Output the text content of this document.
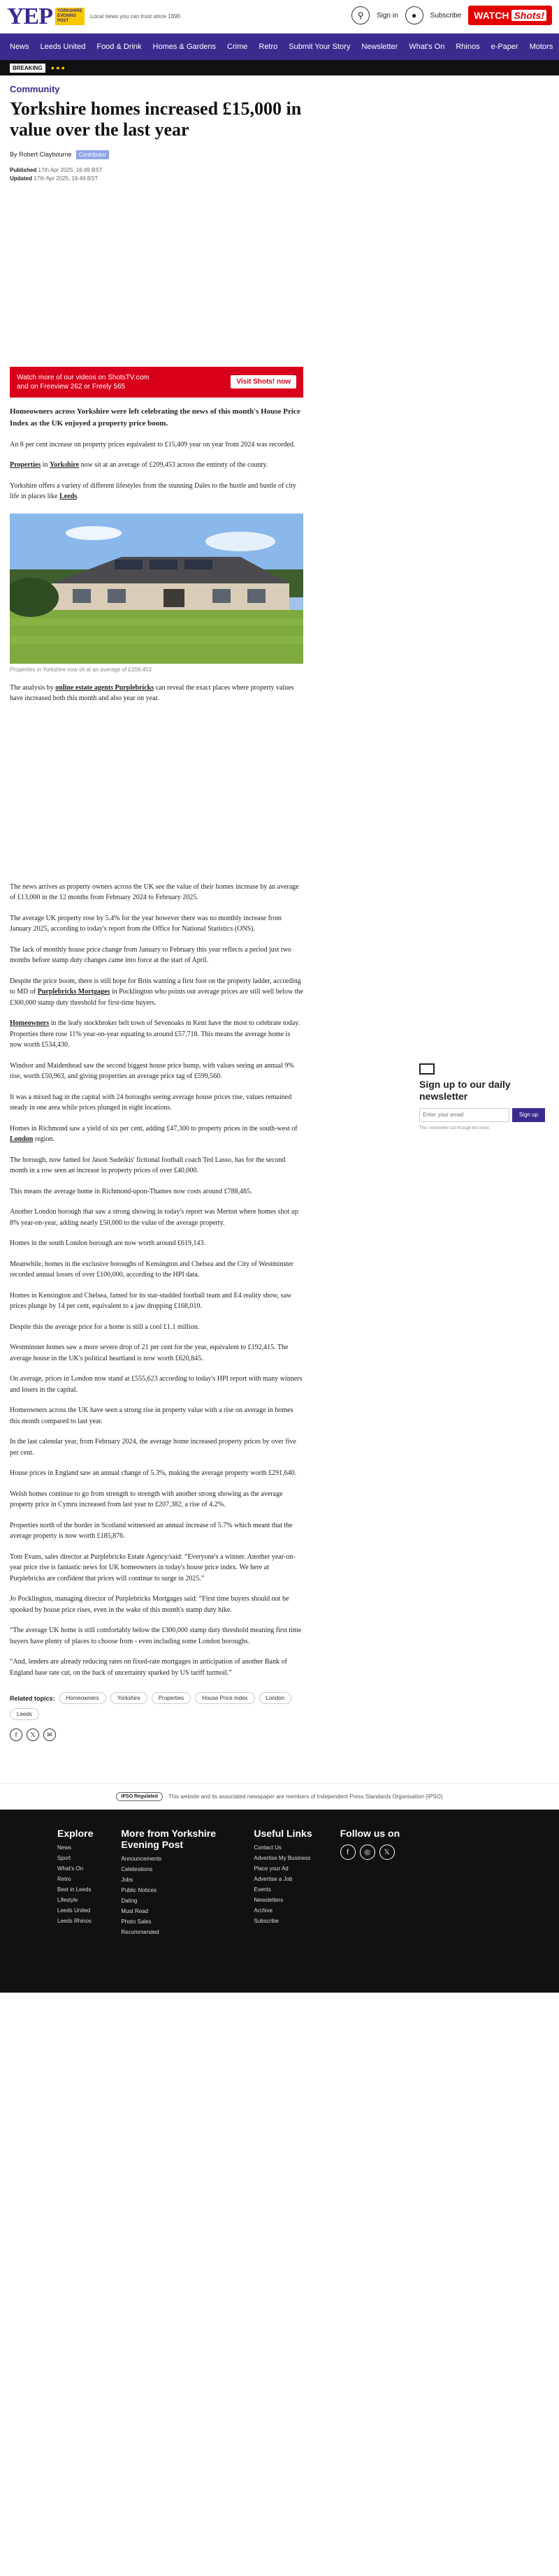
YEP	YORKSHIRE EVENING POST
Local news you can trust since 1890	⚲	Sign in	●	Subscribe WATCH Shots!
News	Leeds United	Food & Drink	Homes & Gardens	Crime	Retro	Submit Your Story	Newsletter	What's On	Rhinos	e-Paper	Motors
BREAKING	●●●
Community
Yorkshire homes increased £15,000 in value over the last year
By Robert Claybourne	Contributor
Published 17th Apr 2025, 16:49 BST
Updated 17th Apr 2025, 16:49 BST
Watch more of our videos on ShotsTV.com
and on Freeview 262 or Freely 565
Visit Shots! now

Homeowners across Yorkshire were left celebrating the news of this month's House Price Index as the UK enjoyed a property price boom.

An 8 per cent increase on property prices equivalent to £15,409 year on year from 2024 was recorded.

Properties in Yorkshire now sit at an average of £209,453 across the entirety of the county.

Yorkshire offers a variety of different lifestyles from the stunning Dales to the hustle and bustle of city life in places like Leeds.

Properties in Yorkshire now sit at an average of £209,453

The analysis by online estate agents Purplebricks can reveal the exact places where property values have increased both this month and also year on year.

The news arrives as property owners across the UK see the value of their homes increase by an average of £13,000 in the 12 months from February 2024 to February 2025.

The average UK property rose by 5.4% for the year however there was no monthly increase from January 2025, according to today's report from the Office for National Statistics (ONS).

The lack of monthly house price change from January to February this year reflects a period just two months before stamp duty changes came into force at the start of April.

Despite the price boom, there is still hope for Brits wanting a first foot on the property ladder, according to MD of Purplebricks Mortgages in Pocklington who points out average prices are still well below the £300,000 stamp duty threshold for first-time buyers.

Homeowners in the leafy stockbroker belt town of Sevenoaks in Kent have the most to celebrate today. Properties there rose 11% year-on-year equating to around £57,718. This means the average home is now worth £534,430.

Windsor and Maidenhead saw the second biggest house price bump, with values seeing an annual 9% rise, worth £50,963, and giving properties an average price tag of £599,560.

It was a mixed bag in the capital with 24 boroughs seeing average house prices rise, values remained steady in one area while prices plunged in eight locations.

Homes in Richmond saw a yield of six per cent, adding £47,300 to property prices in the south-west of London region.

The borough, now famed for Jason Sudeikis' fictional football coach Ted Lasso, has for the second month in a row seen an increase in property prices of over £40,000.

This means the average home in Richmond-upon-Thames now costs around £788,485.

Another London borough that saw a strong showing in today's report was Merton where homes shot up 8% year-on-year, adding nearly £50,000 to the value of the average property.

Homes in the south London borough are now worth around £619,143.

Meanwhile, homes in the exclusive boroughs of Kensington and Chelsea and the City of Westminster recorded annual losses of over £100,000, according to the HPI data.

Homes in Kensington and Chelsea, famed for its star-studded football team and E4 reality show, saw prices plunge by 14 per cent, equivalent to a jaw dropping £168,010.

Despite this the average price for a home is still a cool £1.1 million.

Westminster homes saw a more severe drop of 21 per cent for the year, equivalent to £192,415. The average house in the UK's political heartland is now worth £620,845.

On average, prices in London now stand at £555,623 according to today's HPI report with many winners and losers in the capital.

Homeowners across the UK have seen a strong rise in property value with a rise on average in homes this month compared to last year.

In the last calendar year, from February 2024, the average home increased property prices by over five per cent.

House prices in England saw an annual change of 5.3%, making the average property worth £291,640.

Welsh homes continue to go from strength to strength with another strong showing as the average property price in Cymru increased from last year to £207,382, a rise of 4.2%.

Properties north of the border in Scotland witnessed an annual increase of 5.7% which meant that the average property is now worth £185,876.

Tom Evans, sales director at Purplebricks Estate Agency/said: “Everyone's a winner. Another year-on-year price rise is fantastic news for UK homeowners in today's house price index. We here at Purplebricks are confident that prices will continue to surge in 2025.”

Jo Pocklington, managing director of Purplebricks Mortgages said: “First time buyers should not be spooked by house price rises, even in the wake of this month's stamp duty hike.

“The average UK home is still comfortably below the £300,000 stamp duty threshold meaning first time buyers have plenty of places to choose from - even including some London boroughs.

“And, lenders are already reducing rates on fixed-rate mortgages in anticipation of another Bank of England base rate cut, on the back of uncertainty sparked by US tariff turmoil.”

Related topics:	Homeowners	Yorkshire	Properties	House Price Index	London
Leeds
f	𝕏	✉
Sign up to our daily newsletter
Enter your email
Sign up
The i newsletter cut through the noise
IPSO Regulated	This website and its associated newspaper are members of Independent Press Standards Organisation (IPSO)
Explore
News
Sport
What's On
Retro
Best in Leeds
Lifestyle
Leeds United
Leeds Rhinos
More from Yorkshire Evening Post
Announcements
Celebrations
Jobs
Public Notices
Dating
Must Read
Photo Sales
Recommended
Useful Links
Contact Us
Advertise My Business
Place your Ad
Advertise a Job
Events
Newsletters
Archive
Subscribe
Follow us on
f	◎	𝕏
